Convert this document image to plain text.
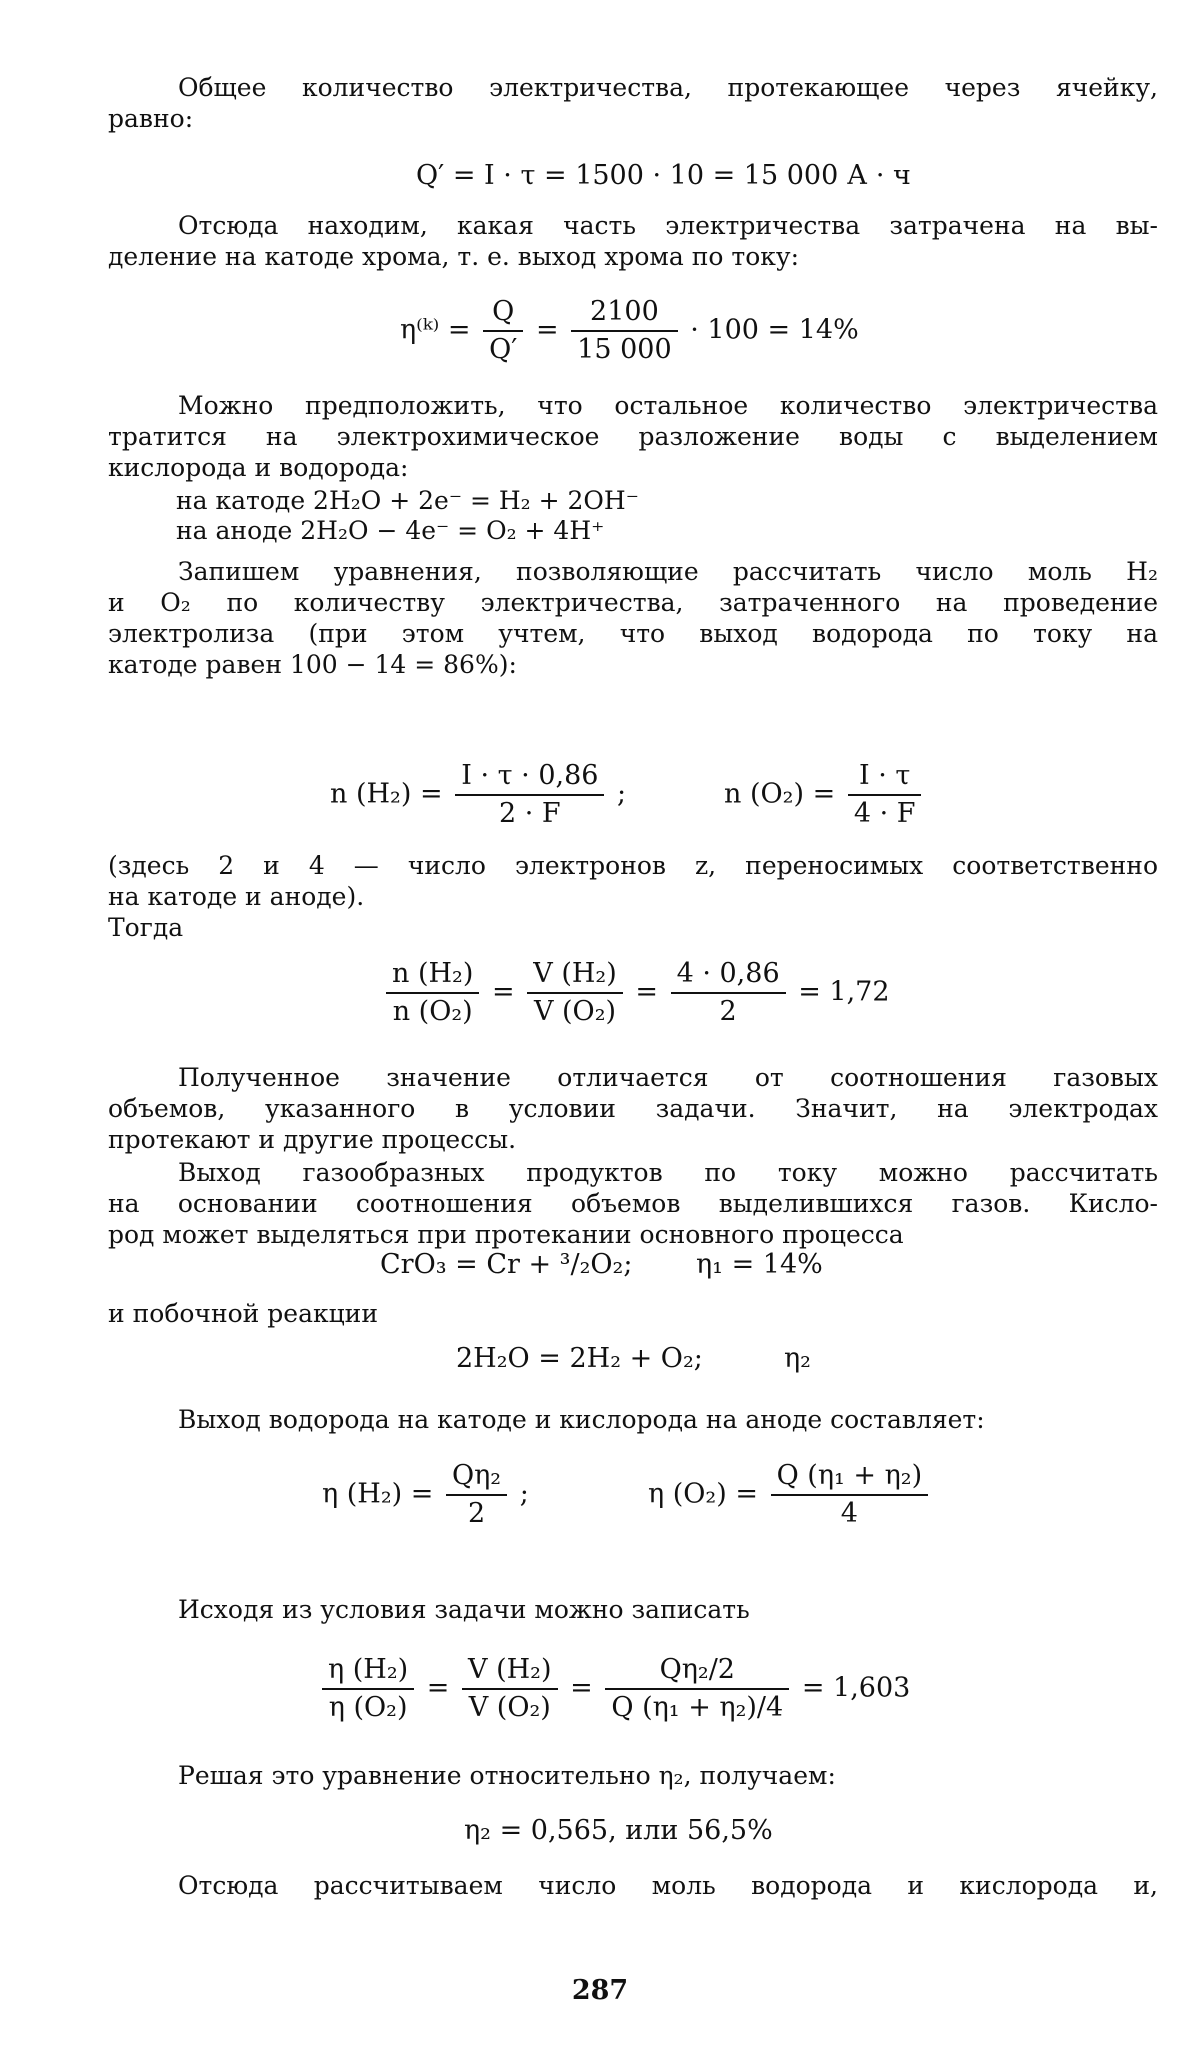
Общее количество электричества, протекающее через ячейку,
равно:
Q′ = I · τ = 1500 · 10 = 15 000 А · ч
Отсюда находим, какая часть электричества затрачена на вы-
деление на катоде хрома, т. е. выход хрома по току:
η⁽ᵏ⁾ = $\frac{Q}{Q'} = \frac{2100}{15 000} \cdot 100 = 14\%$
Можно предположить, что остальное количество электричества
тратится на электрохимическое разложение воды с выделением
кислорода и водорода:
на катоде 2H₂O + 2e⁻ = H₂ + 2OH⁻
на аноде 2H₂O − 4e⁻ = O₂ + 4H⁺
Запишем уравнения, позволяющие рассчитать число моль H₂
и O₂ по количеству электричества, затраченного на проведение
электролиза (при этом учтем, что выход водорода по току на
катоде равен 100 − 14 = 86%):
n $(H_2) = \frac{I \cdot \tau \cdot 0,86}{2 \cdot F}$ ;	n $(O_2) = \frac{I \cdot \tau}{4 \cdot F}$
(здесь 2 и 4 — число электронов z, переносимых соответственно
на катоде и аноде).
Тогда
$\frac{\text{n (H₂)}}{\text{n (O₂)}} = \frac{\text{V (H₂)}}{\text{V (O₂)}} = \frac{4 \cdot 0,86}{2} = 1,72$
Полученное значение отличается от соотношения газовых
объемов, указанного в условии задачи. Значит, на электродах
протекают и другие процессы.
Выход газообразных продуктов по току можно рассчитать
на основании соотношения объемов выделившихся газов. Кисло-
род может выделяться при протекании основного процесса
CrO₃ = Cr + ³/₂O₂; η₁ = 14%
и побочной реакции
2H₂O = 2H₂ + O₂;	η₂
Выход водорода на катоде и кислорода на аноде составляет:
η $(H_2) = \frac{\text{Qη₂}}{2}$ ;	η $(O_2) = \frac{\text{Q (η₁ + η₂)}}{4}$
Исходя из условия задачи можно записать
$\frac{\text{η (H₂)}}{\text{η (O₂)}} = \frac{\text{V (H₂)}}{\text{V (O₂)}} = \frac{\text{Qη₂/2}}{\text{Q (η₁ + η₂)/4}} = 1,603$
Решая это уравнение относительно η₂, получаем:
η₂ = 0,565, или 56,5%
Отсюда рассчитываем число моль водорода и кислорода и,
287
